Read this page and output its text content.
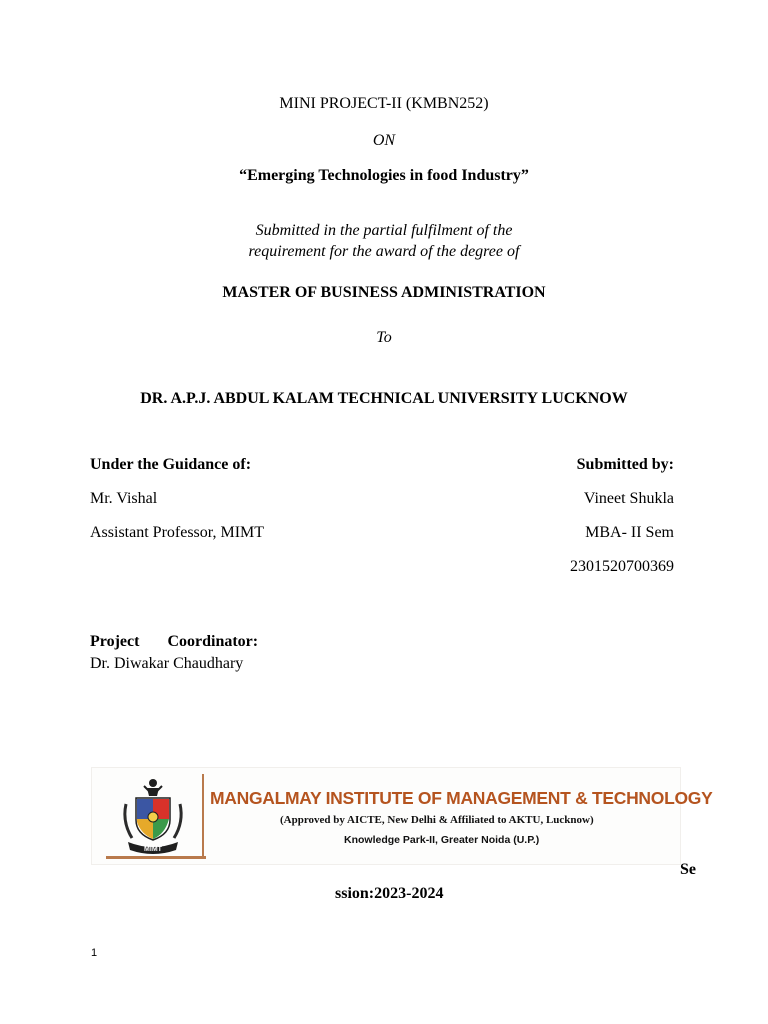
MINI PROJECT-II (KMBN252)
ON
“Emerging Technologies in food Industry”
Submitted in the partial fulfilment of the
requirement for the award of the degree of
MASTER OF BUSINESS ADMINISTRATION
To
DR. A.P.J. ABDUL KALAM TECHNICAL UNIVERSITY LUCKNOW
Under the Guidance of:
Mr. Vishal
Assistant Professor, MIMT
Submitted by:
Vineet Shukla
MBA- II Sem
2301520700369
Project Coordinator:
Dr. Diwakar Chaudhary
MIMT
MANGALMAY INSTITUTE OF MANAGEMENT & TECHNOLOGY
(Approved by AICTE, New Delhi & Affiliated to AKTU, Lucknow)
Knowledge Park-II, Greater Noida (U.P.)
Se
ssion:2023-2024
1
